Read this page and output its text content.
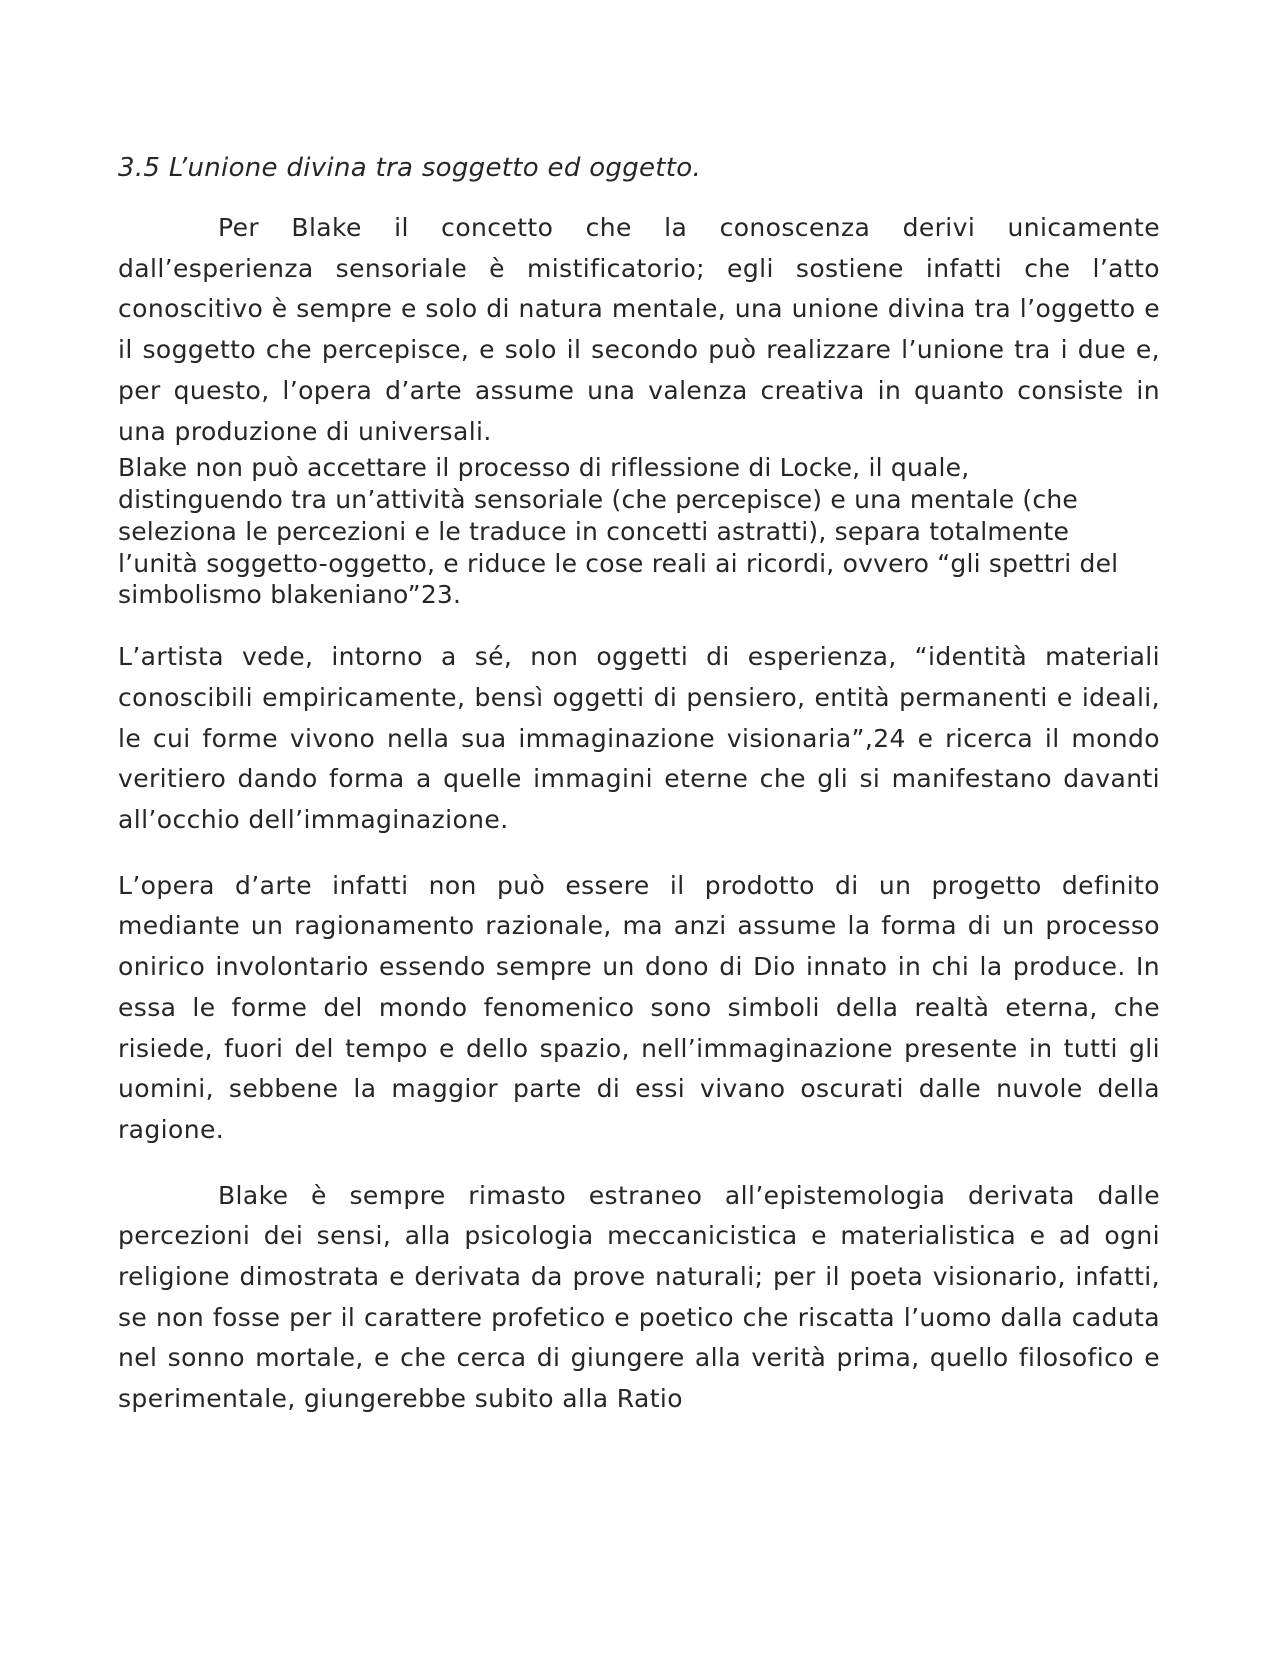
3.5 L’unione divina tra soggetto ed oggetto.

Per Blake il concetto che la conoscenza derivi unicamente dall’esperienza sensoriale è mistificatorio; egli sostiene infatti che l’atto conoscitivo è sempre e solo di natura mentale, una unione divina tra l’oggetto e il soggetto che percepisce, e solo il secondo può realizzare l’unione tra i due e, per questo, l’opera d’arte assume una valenza creativa in quanto consiste in una produzione di universali.

Blake non può accettare il processo di riflessione di Locke, il quale, distinguendo tra un’attività sensoriale (che percepisce) e una mentale (che seleziona le percezioni e le traduce in concetti astratti), separa totalmente l’unità soggetto-oggetto, e riduce le cose reali ai ricordi, ovvero “gli spettri del simbolismo blakeniano”23.

L’artista vede, intorno a sé, non oggetti di esperienza, “identità materiali conoscibili empiricamente, bensì oggetti di pensiero, entità permanenti e ideali, le cui forme vivono nella sua immaginazione visionaria”,24 e ricerca il mondo veritiero dando forma a quelle immagini eterne che gli si manifestano davanti all’occhio dell’immaginazione.

L’opera d’arte infatti non può essere il prodotto di un progetto definito mediante un ragionamento razionale, ma anzi assume la forma di un processo onirico involontario essendo sempre un dono di Dio innato in chi la produce. In essa le forme del mondo fenomenico sono simboli della realtà eterna, che risiede, fuori del tempo e dello spazio, nell’immaginazione presente in tutti gli uomini, sebbene la maggior parte di essi vivano oscurati dalle nuvole della ragione.

Blake è sempre rimasto estraneo all’epistemologia derivata dalle percezioni dei sensi, alla psicologia meccanicistica e materialistica e ad ogni religione dimostrata e derivata da prove naturali; per il poeta visionario, infatti, se non fosse per il carattere profetico e poetico che riscatta l’uomo dalla caduta nel sonno mortale, e che cerca di giungere alla verità prima, quello filosofico e sperimentale, giungerebbe subito alla Ratio
